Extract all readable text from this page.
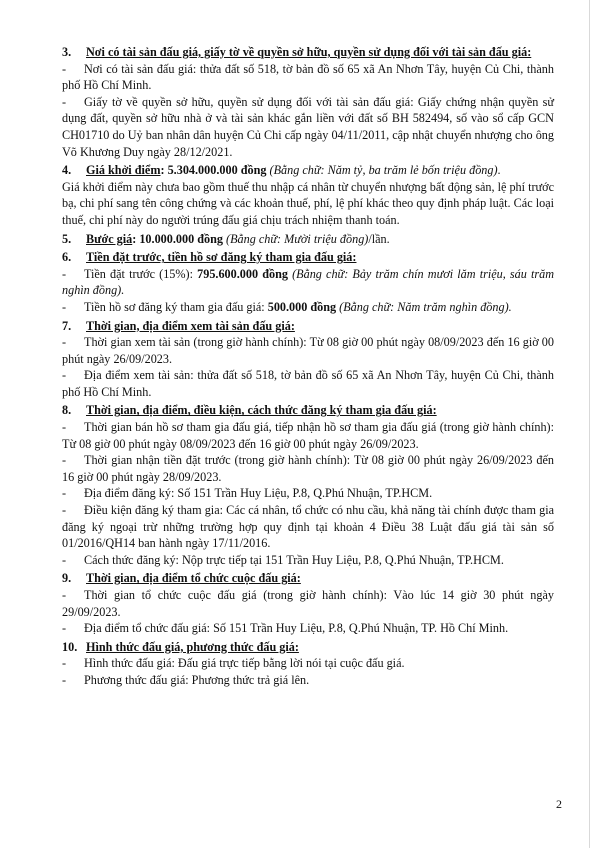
3. Nơi có tài sản đấu giá, giấy tờ về quyền sở hữu, quyền sử dụng đối với tài sản đấu giá:

- Nơi có tài sản đấu giá: thửa đất số 518, tờ bản đồ số 65 xã An Nhơn Tây, huyện Củ Chi, thành phố Hồ Chí Minh.

- Giấy tờ về quyền sở hữu, quyền sử dụng đối với tài sản đấu giá: Giấy chứng nhận quyền sử dụng đất, quyền sở hữu nhà ở và tài sản khác gắn liền với đất số BH 582494, số vào sổ cấp GCN CH01710 do Uỷ ban nhân dân huyện Củ Chi cấp ngày 04/11/2011, cập nhật chuyển nhượng cho ông Võ Khương Duy ngày 28/12/2021.

4. Giá khởi điểm: 5.304.000.000 đồng (Bằng chữ: Năm tỷ, ba trăm lẻ bốn triệu đồng).

Giá khởi điểm này chưa bao gồm thuế thu nhập cá nhân từ chuyển nhượng bất động sản, lệ phí trước bạ, chi phí sang tên công chứng và các khoản thuế, phí, lệ phí khác theo quy định pháp luật. Các loại thuế, chi phí này do người trúng đấu giá chịu trách nhiệm thanh toán.

5. Bước giá: 10.000.000 đồng (Bằng chữ: Mười triệu đồng)/lần.
6. Tiền đặt trước, tiền hồ sơ đăng ký tham gia đấu giá:

- Tiền đặt trước (15%): 795.600.000 đồng (Bằng chữ: Bảy trăm chín mươi lăm triệu, sáu trăm nghìn đồng).

- Tiền hồ sơ đăng ký tham gia đấu giá: 500.000 đồng (Bằng chữ: Năm trăm nghìn đồng).

7. Thời gian, địa điểm xem tài sản đấu giá:

- Thời gian xem tài sản (trong giờ hành chính): Từ 08 giờ 00 phút ngày 08/09/2023 đến 16 giờ 00 phút ngày 26/09/2023.

- Địa điểm xem tài sản: thửa đất số 518, tờ bản đồ số 65 xã An Nhơn Tây, huyện Củ Chi, thành phố Hồ Chí Minh.

8. Thời gian, địa điểm, điều kiện, cách thức đăng ký tham gia đấu giá:

- Thời gian bán hồ sơ tham gia đấu giá, tiếp nhận hồ sơ tham gia đấu giá (trong giờ hành chính): Từ 08 giờ 00 phút ngày 08/09/2023 đến 16 giờ 00 phút ngày 26/09/2023.

- Thời gian nhận tiền đặt trước (trong giờ hành chính): Từ 08 giờ 00 phút ngày 26/09/2023 đến 16 giờ 00 phút ngày 28/09/2023.

- Địa điểm đăng ký: Số 151 Trần Huy Liệu, P.8, Q.Phú Nhuận, TP.HCM.

- Điều kiện đăng ký tham gia: Các cá nhân, tổ chức có nhu cầu, khả năng tài chính được tham gia đăng ký ngoại trừ những trường hợp quy định tại khoản 4 Điều 38 Luật đấu giá tài sản số 01/2016/QH14 ban hành ngày 17/11/2016.

- Cách thức đăng ký: Nộp trực tiếp tại 151 Trần Huy Liệu, P.8, Q.Phú Nhuận, TP.HCM.

9. Thời gian, địa điểm tổ chức cuộc đấu giá:

- Thời gian tổ chức cuộc đấu giá (trong giờ hành chính): Vào lúc 14 giờ 30 phút ngày 29/09/2023.

- Địa điểm tổ chức đấu giá: Số 151 Trần Huy Liệu, P.8, Q.Phú Nhuận, TP. Hồ Chí Minh.

10. Hình thức đấu giá, phương thức đấu giá:

- Hình thức đấu giá: Đấu giá trực tiếp bằng lời nói tại cuộc đấu giá.

- Phương thức đấu giá: Phương thức trả giá lên.

2
